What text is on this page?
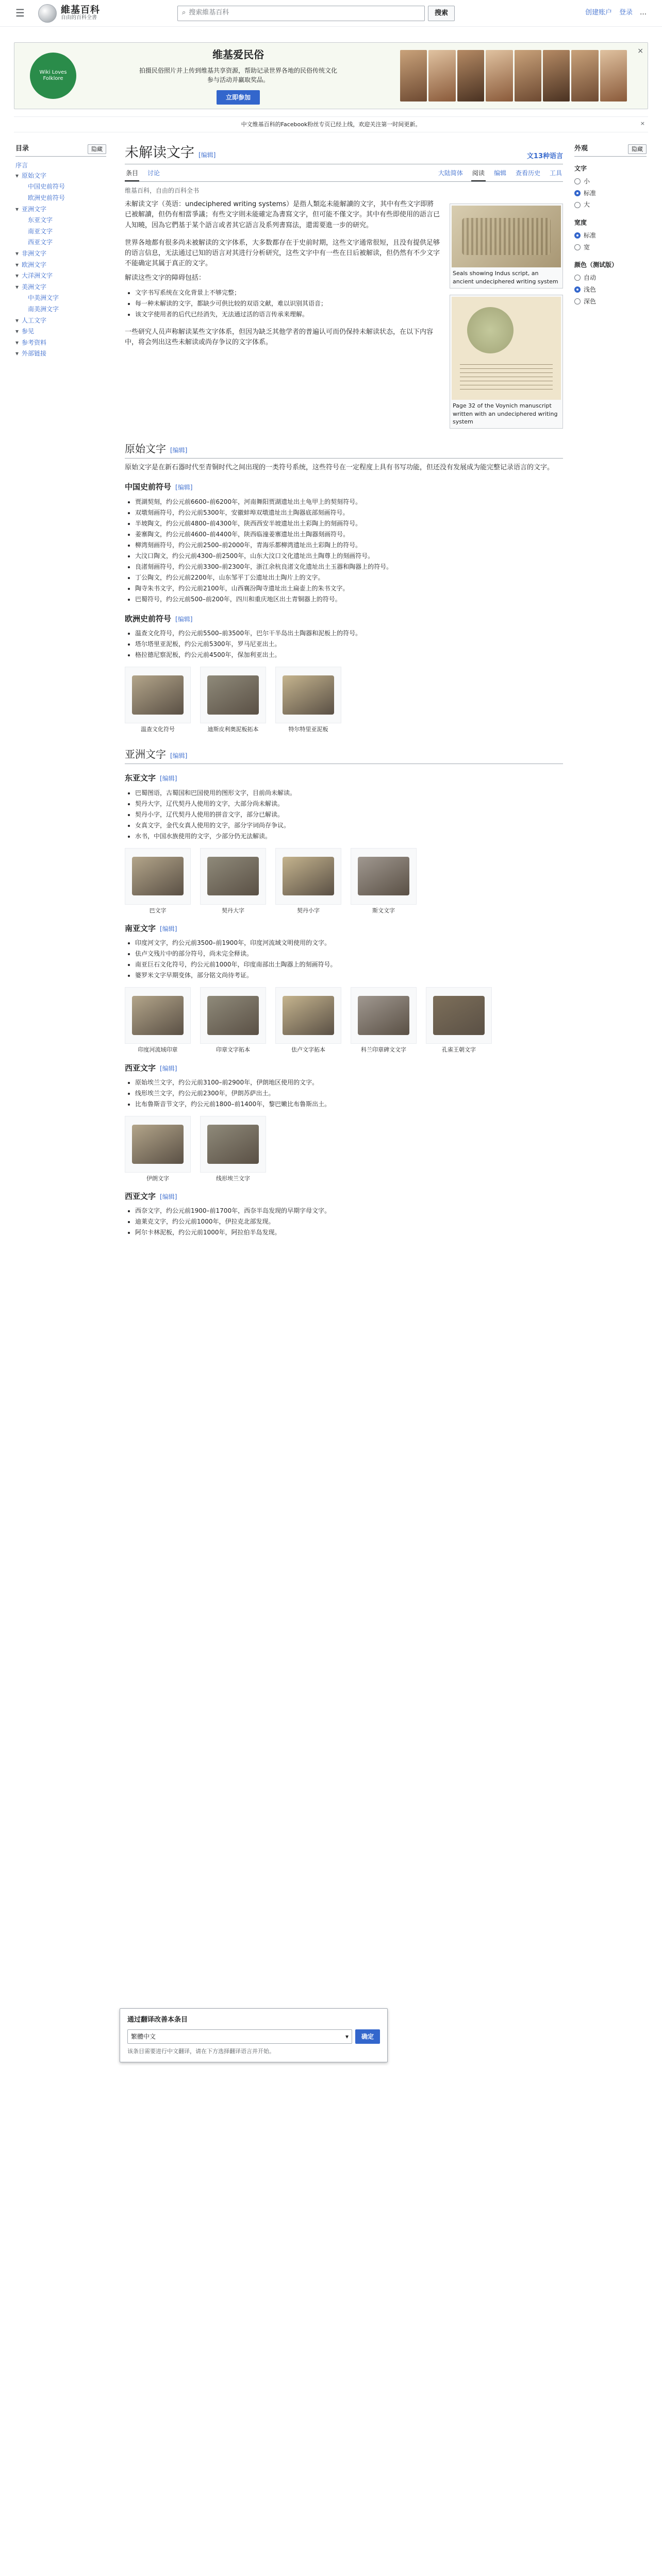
☰	維基百科
自由的百科全書
⌕ 搜索維基百科	搜索	创建账户 登录 …
Wiki Loves Folklore
维基爱民俗
拍摄民俗照片并上传到维基共享资源，帮助记录世界各地的民俗传统文化
参与活动并赢取奖品。
立即参加
×
中文维基百科的Facebook粉丝专页已经上线，欢迎关注第一时间更新。	×
目录	隐藏
序言
▾ 原始文字
中国史前符号
欧洲史前符号
▾ 亚洲文字
东亚文字
南亚文字
西亚文字
▾ 非洲文字
▾ 欧洲文字
▾ 大洋洲文字
▾ 美洲文字
中美洲文字
南美洲文字
▾ 人工文字
▾ 参见
▾ 参考资料
▾ 外部链接
未解读文字 [编辑]	文13种语言
条目 讨论	大陆简体 阅读 编辑 查看历史 工具
维基百科，自由的百科全书
Seals showing Indus script, an ancient undeciphered writing system
Page 32 of the Voynich manuscript written with an undeciphered writing system

未解读文字（英语：undeciphered writing systems）是指人類迄未能解讀的文字，其中有些文字即將已被解讀，但仍有相當爭議；有些文字則未能確定為書寫文字，但可能不僅文字。其中有些即使用的語言已人知曉，因為它們基于某个語言或者其它語言及系列書寫法，還需要進一步的研究。

世界各地都有很多尚未被解读的文字体系，大多数都存在于史前时期，这些文字通常很短，且没有提供足够的语言信息，无法通过已知的语言对其进行分析研究，这些文字中有一些在日后被解读，但仍然有不少文字不能确定其属于真正的文字。

解读这些文字的障碍包括：

• 文字书写系统在文化背景上不够完整；
• 每一种未解读的文字，都缺少可供比较的双语文献，难以识别其语音；
• 该文字使用者的后代已经消失，无法通过活的语言传承来理解。

一些研究人员声称解读某些文字体系，但因为缺乏其他学者的普遍认可而仍保持未解读状态，在以下内容中，将会列出这些未解读或尚存争议的文字体系。

原始文字 [编辑]

原始文字是在新石器时代至青铜时代之间出现的一类符号系统，这些符号在一定程度上具有书写功能，但还没有发展成为能完整记录语言的文字。

中国史前符号 [编辑]
• 贾湖契刻，约公元前6600–前6200年，河南舞阳贾湖遗址出土龟甲上的契刻符号。
• 双墩刻画符号，约公元前5300年，安徽蚌埠双墩遗址出土陶器底部刻画符号。
• 半坡陶文，约公元前4800–前4300年，陕西西安半坡遗址出土彩陶上的刻画符号。
• 姜寨陶文，约公元前4600–前4400年，陕西临潼姜寨遗址出土陶器刻画符号。
• 柳湾刻画符号，约公元前2500–前2000年，青海乐都柳湾遗址出土彩陶上的符号。
• 大汶口陶文，约公元前4300–前2500年，山东大汶口文化遗址出土陶尊上的刻画符号。
• 良渚刻画符号，约公元前3300–前2300年，浙江余杭良渚文化遗址出土玉器和陶器上的符号。
• 丁公陶文，约公元前2200年，山东邹平丁公遗址出土陶片上的文字。
• 陶寺朱书文字，约公元前2100年，山西襄汾陶寺遗址出土扁壶上的朱书文字。
• 巴蜀符号，约公元前500–前200年，四川和重庆地区出土青铜器上的符号。
欧洲史前符号 [编辑]
• 温查文化符号，约公元前5500–前3500年，巴尔干半岛出土陶器和泥板上的符号。
• 塔尔塔里亚泥板，约公元前5300年，罗马尼亚出土。
• 格拉德尼察泥板，约公元前4500年，保加利亚出土。
温查文化符号	迪斯皮利奥泥板拓本	特尔特里亚泥板
亚洲文字 [编辑]
东亚文字 [编辑]
• 巴蜀图语，古蜀国和巴国使用的图形文字，目前尚未解读。
• 契丹大字，辽代契丹人使用的文字，大部分尚未解读。
• 契丹小字，辽代契丹人使用的拼音文字，部分已解读。
• 女真文字，金代女真人使用的文字，部分字词尚存争议。
• 水书，中国水族使用的文字，少部分仍无法解读。
巴文字	契丹大字	契丹小字	斯文文字
南亚文字 [编辑]
• 印度河文字，约公元前3500–前1900年，印度河流域文明使用的文字。
• 佉卢文残片中的部分符号，尚未完全释读。
• 南亚巨石文化符号，约公元前1000年，印度南部出土陶器上的刻画符号。
• 婆罗米文字早期变体，部分铭文尚待考证。
印度河流域印章	印章文字拓本	佉卢文字拓本	科兰印章碑文文字	孔雀王朝文字
西亚文字 [编辑]
• 原始埃兰文字，约公元前3100–前2900年，伊朗地区使用的文字。
• 线形埃兰文字，约公元前2300年，伊朗苏萨出土。
• 比布鲁斯音节文字，约公元前1800–前1400年，黎巴嫩比布鲁斯出土。
伊朗文字	线形埃兰文字
西亚文字 [编辑]
• 西奈文字，约公元前1900–前1700年，西奈半岛发现的早期字母文字。
• 迪莱克文字，约公元前1000年，伊拉克北部发现。
• 阿尔卡林泥板，约公元前1000年，阿拉伯半岛发现。
外观	隐藏
文字
小
标准
大
宽度
标准
宽
颜色（测试版）
自动
浅色
深色
通过翻译改善本条目
繁體中文	▾	确定
该条目需要进行中文翻译，请在下方选择翻译语言并开始。
